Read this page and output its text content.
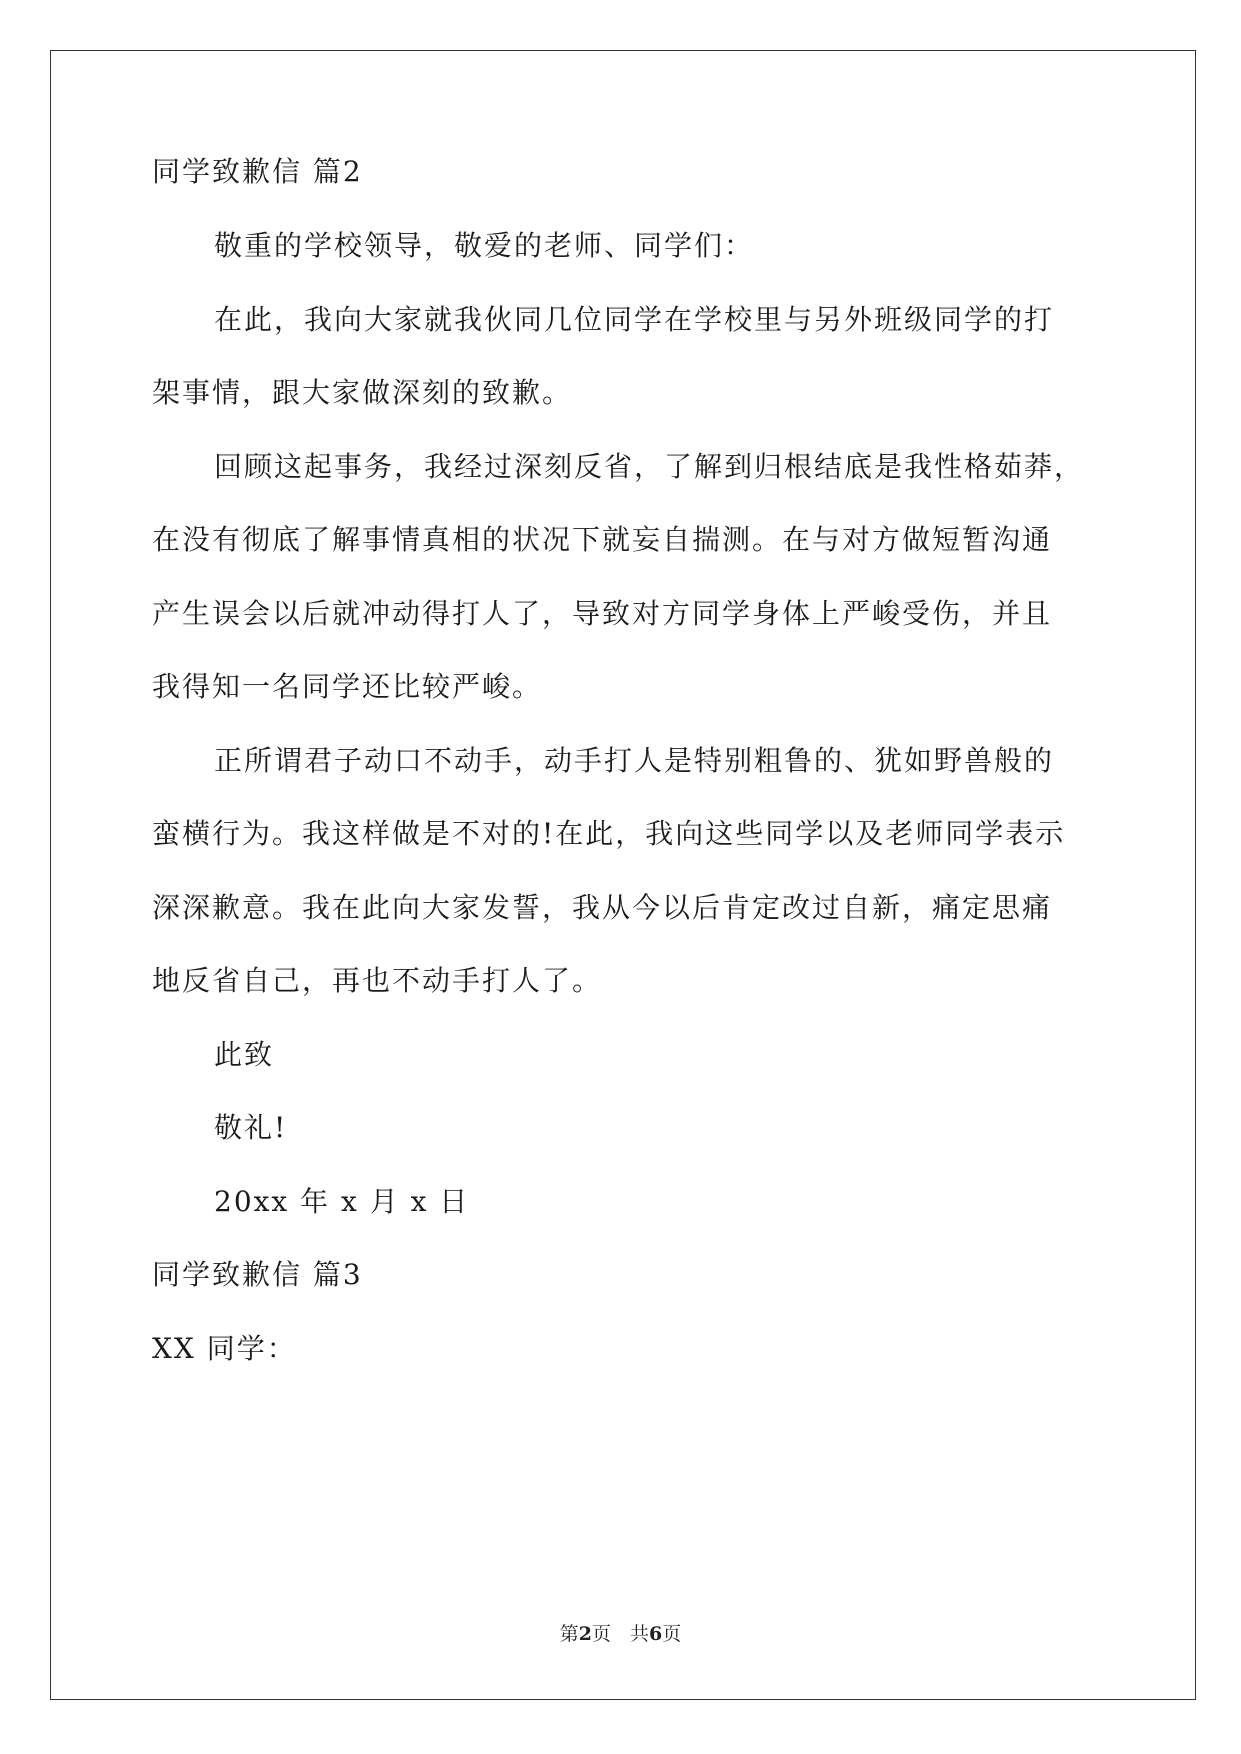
同学致歉信 篇2
敬重的学校领导，敬爱的老师、同学们：
在此，我向大家就我伙同几位同学在学校里与另外班级同学的打
架事情，跟大家做深刻的致歉。
回顾这起事务，我经过深刻反省，了解到归根结底是我性格茹莽，
在没有彻底了解事情真相的状况下就妄自揣测。在与对方做短暂沟通
产生误会以后就冲动得打人了，导致对方同学身体上严峻受伤，并且
我得知一名同学还比较严峻。
正所谓君子动口不动手，动手打人是特别粗鲁的、犹如野兽般的
蛮横行为。我这样做是不对的!在此，我向这些同学以及老师同学表示
深深歉意。我在此向大家发誓，我从今以后肯定改过自新，痛定思痛
地反省自己，再也不动手打人了。
此致
敬礼!
20xx 年 x 月 x 日
同学致歉信 篇3
XX 同学：
第2页　共6页
